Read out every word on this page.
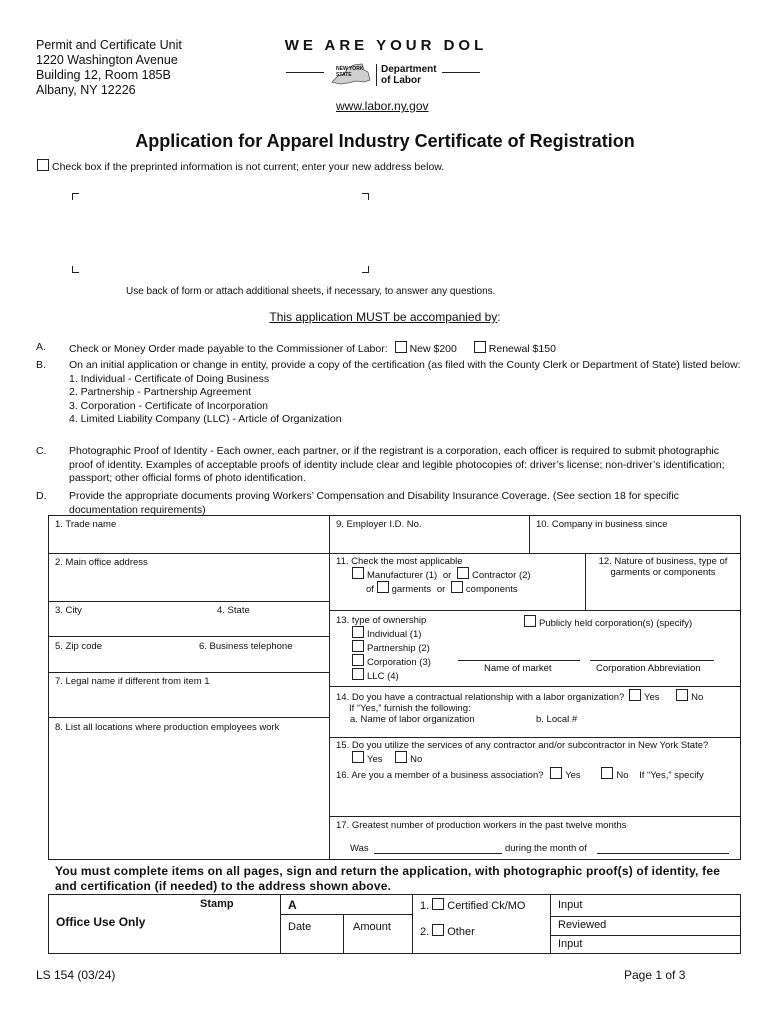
Permit and Certificate Unit
1220 Washington Avenue
Building 12, Room 185B
Albany, NY 12226
WE ARE YOUR DOL
NEW YORK STATE	Department
of Labor
www.labor.ny.gov
Application for Apparel Industry Certificate of Registration
Check box if the preprinted information is not current; enter your new address below.
Use back of form or attach additional sheets, if necessary, to answer any questions.
This application MUST be accompanied by:
A. Check or Money Order made payable to the Commissioner of Labor: New $200	Renewal $150
B. On an initial application or change in entity, provide a copy of the certification (as filed with the County Clerk or Department of State) listed below:
1. Individual - Certificate of Doing Business
2. Partnership - Partnership Agreement
3. Corporation - Certificate of Incorporation
4. Limited Liability Company (LLC) - Article of Organization
C. Photographic Proof of Identity - Each owner, each partner, or if the registrant is a corporation, each officer is required to submit photographic proof of identity. Examples of acceptable proofs of identity include clear and legible photocopies of: driver’s license; non-driver’s identification; passport; other official forms of photo identification.
D. Provide the appropriate documents proving Workers’ Compensation and Disability Insurance Coverage. (See section 18 for specific documentation requirements)
1. Trade name
2. Main office address
3. City	4. State
5. Zip code	6. Business telephone
7. Legal name if different from item 1
8. List all locations where production employees work
9. Employer I.D. No.	10. Company in business since
11. Check the most applicable
Manufacturer (1) or Contractor (2)
of garments or components
12. Nature of business, type of garments or components
13. type of ownership
Individual (1)
Partnership (2)
Corporation (3)
LLC (4)
Publicly held corporation(s) (specify)
Name of market	Corporation Abbreviation
14. Do you have a contractual relationship with a labor organization? Yes	No
If “Yes,” furnish the following:
a. Name of labor organization	b. Local #
15. Do you utilize the services of any contractor and/or subcontractor in New York State?
Yes	No
16. Are you a member of a business association? Yes	No If “Yes,” specify
17. Greatest number of production workers in the past twelve months
Was	during the month of
You must complete items on all pages, sign and return the application, with photographic proof(s) of identity, fee and certification (if needed) to the address shown above.
Office Use Only
Stamp	A
Date	Amount
1. Certified Ck/MO
2. Other
Input
Reviewed
Input
LS 154 (03/24)	Page 1 of 3
